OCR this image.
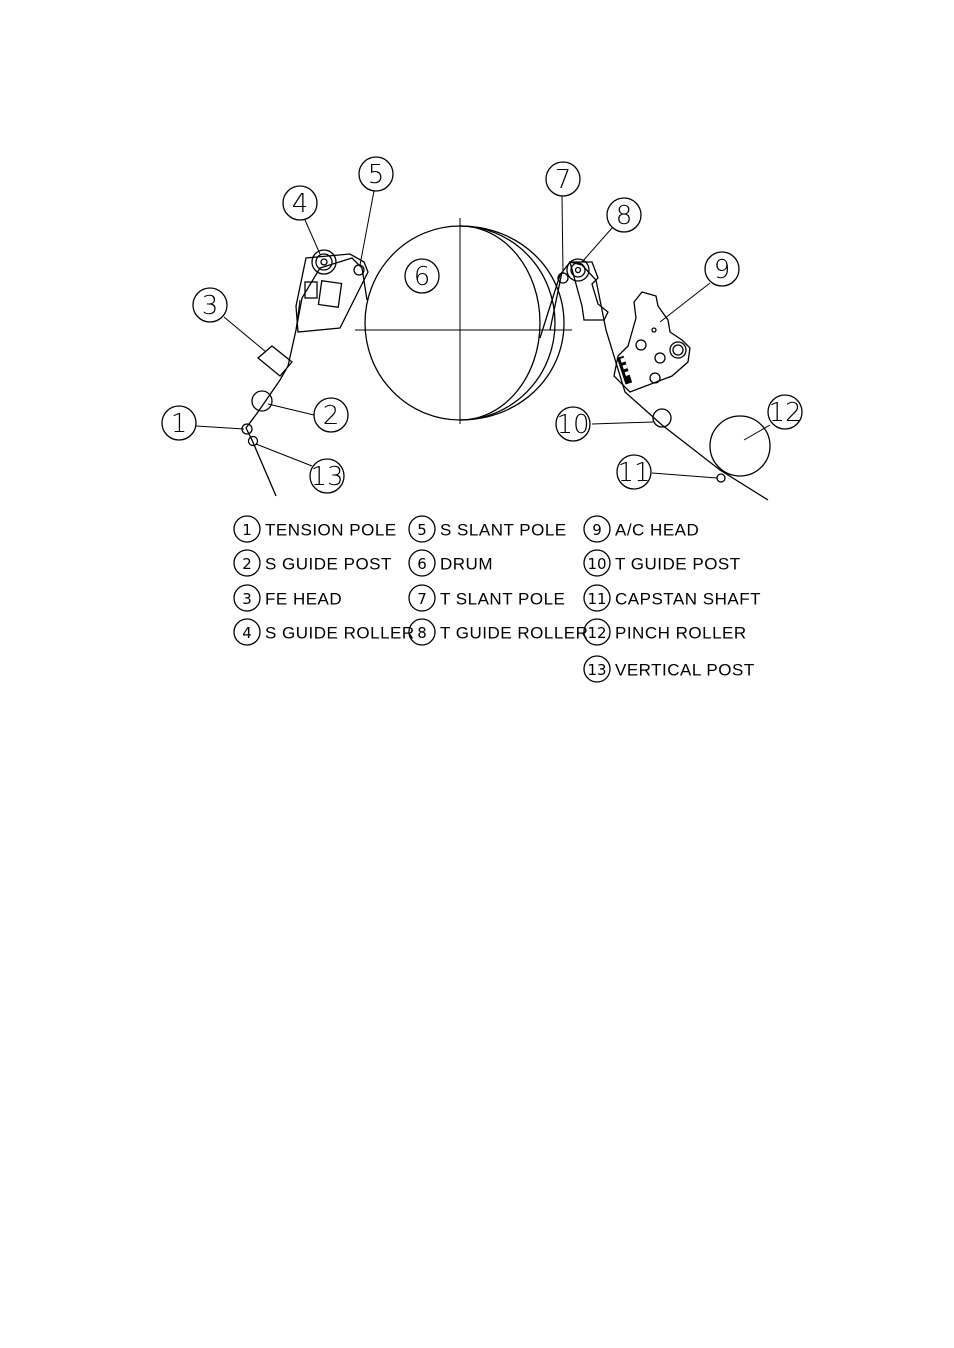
1	2
3
4
5
6
7
8
9
10
11
12
13
1 TENSION POLE
2 S GUIDE POST
3 FE HEAD
4 S GUIDE ROLLER
5 S SLANT POLE
6 DRUM
7 T SLANT POLE
8 T GUIDE ROLLER
9 A/C HEAD
10 T GUIDE POST
11 CAPSTAN SHAFT
12 PINCH ROLLER
13 VERTICAL POST
